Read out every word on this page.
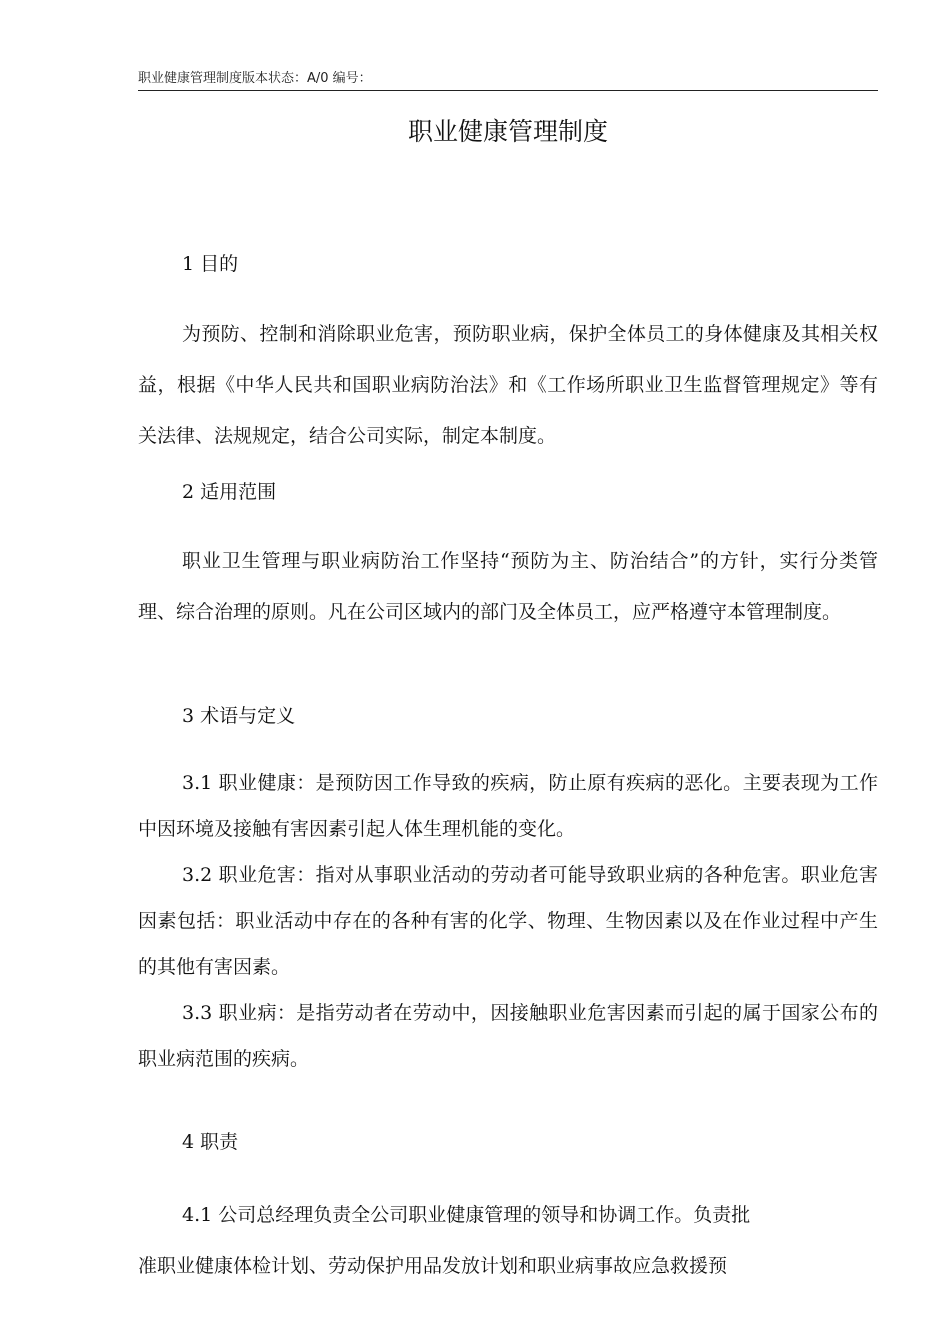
职业健康管理制度版本状态：A/0 编号：
职业健康管理制度
1 目的

为预防、控制和消除职业危害，预防职业病，保护全体员工的身体健康及其相关权益，根据《中华人民共和国职业病防治法》和《工作场所职业卫生监督管理规定》等有关法律、法规规定，结合公司实际，制定本制度。

2 适用范围

职业卫生管理与职业病防治工作坚持“预防为主、防治结合”的方针，实行分类管理、综合治理的原则。凡在公司区域内的部门及全体员工，应严格遵守本管理制度。

3 术语与定义

3.1 职业健康：是预防因工作导致的疾病，防止原有疾病的恶化。主要表现为工作中因环境及接触有害因素引起人体生理机能的变化。

3.2 职业危害：指对从事职业活动的劳动者可能导致职业病的各种危害。职业危害因素包括：职业活动中存在的各种有害的化学、物理、生物因素以及在作业过程中产生的其他有害因素。

3.3 职业病：是指劳动者在劳动中，因接触职业危害因素而引起的属于国家公布的职业病范围的疾病。

4 职责
4.1 公司总经理负责全公司职业健康管理的领导和协调工作。负责批
准职业健康体检计划、劳动保护用品发放计划和职业病事故应急救援预
